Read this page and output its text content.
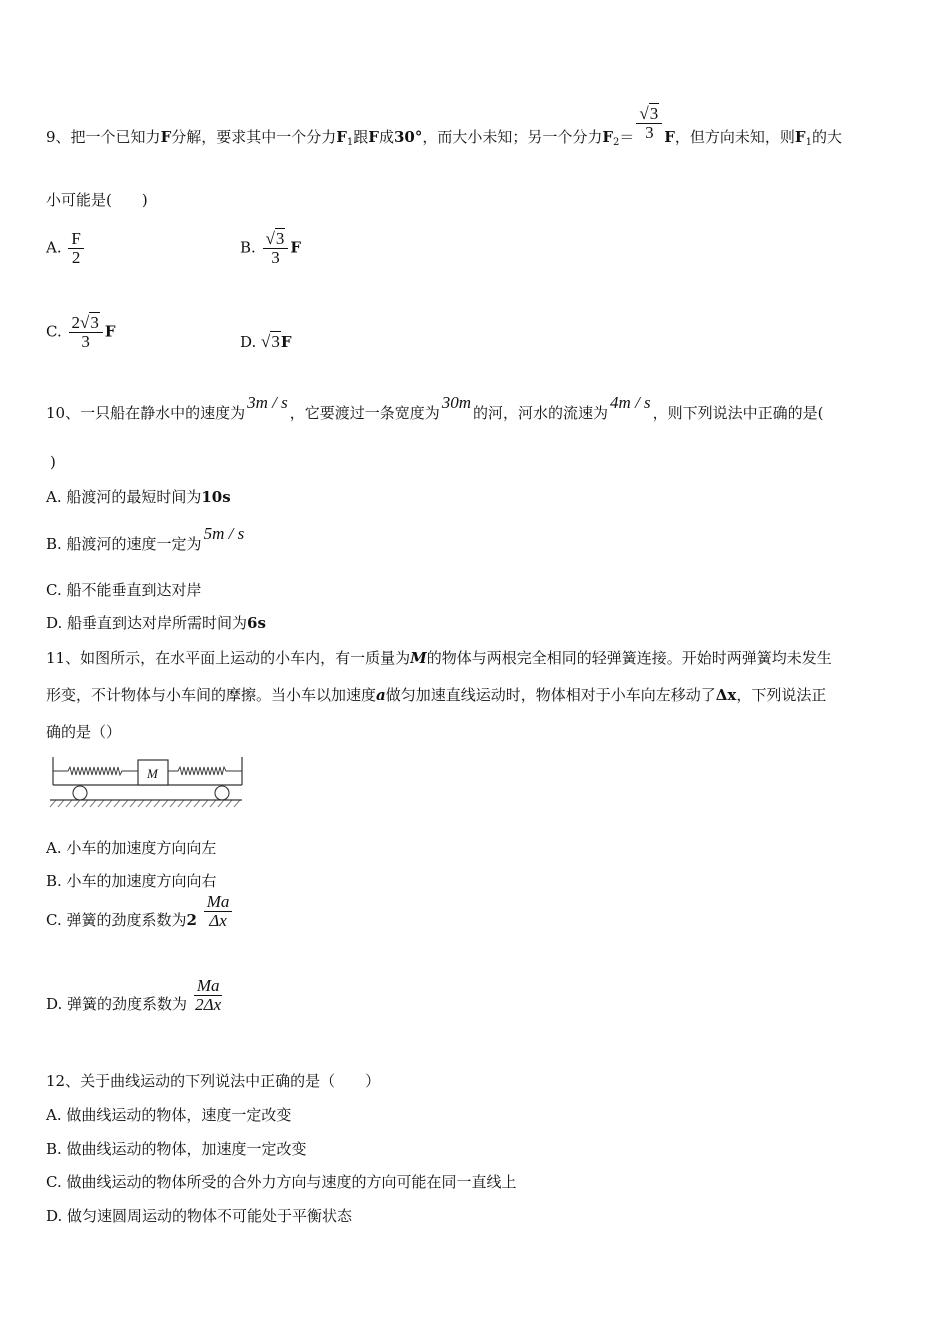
9、把一个已知力F分解，要求其中一个分力$F_1$跟F成30°，而大小未知；另一个分力$F_2= \frac{√3}{3}$ F，但方向未知，则$F_1$的大
小可能是(　　)
A. $\frac{F}{2}$	B. $\frac{√3}{3}$ F
C. $\frac{2√3}{3}$ F
D. √3F
10、一只船在静水中的速度为3m / s，它要渡过一条宽度为30m的河，河水的流速为4m / s，则下列说法中正确的是(
)
A. 船渡河的最短时间为10s
B. 船渡河的速度一定为5m / s
C. 船不能垂直到达对岸
D. 船垂直到达对岸所需时间为6s
11、如图所示，在水平面上运动的小车内，有一质量为M的物体与两根完全相同的轻弹簧连接。开始时两弹簧均未发生
形变，不计物体与小车间的摩擦。当小车以加速度a做匀加速直线运动时，物体相对于小车向左移动了Δx，下列说法正
确的是（）
M
A. 小车的加速度方向向左
B. 小车的加速度方向向右
C. 弹簧的劲度系数为$2 \frac{Ma}{\Delta x}$
D. 弹簧的劲度系数为 $\frac{Ma}{2\Delta x}$
12、关于曲线运动的下列说法中正确的是（　　）
A. 做曲线运动的物体，速度一定改变
B. 做曲线运动的物体，加速度一定改变
C. 做曲线运动的物体所受的合外力方向与速度的方向可能在同一直线上
D. 做匀速圆周运动的物体不可能处于平衡状态
